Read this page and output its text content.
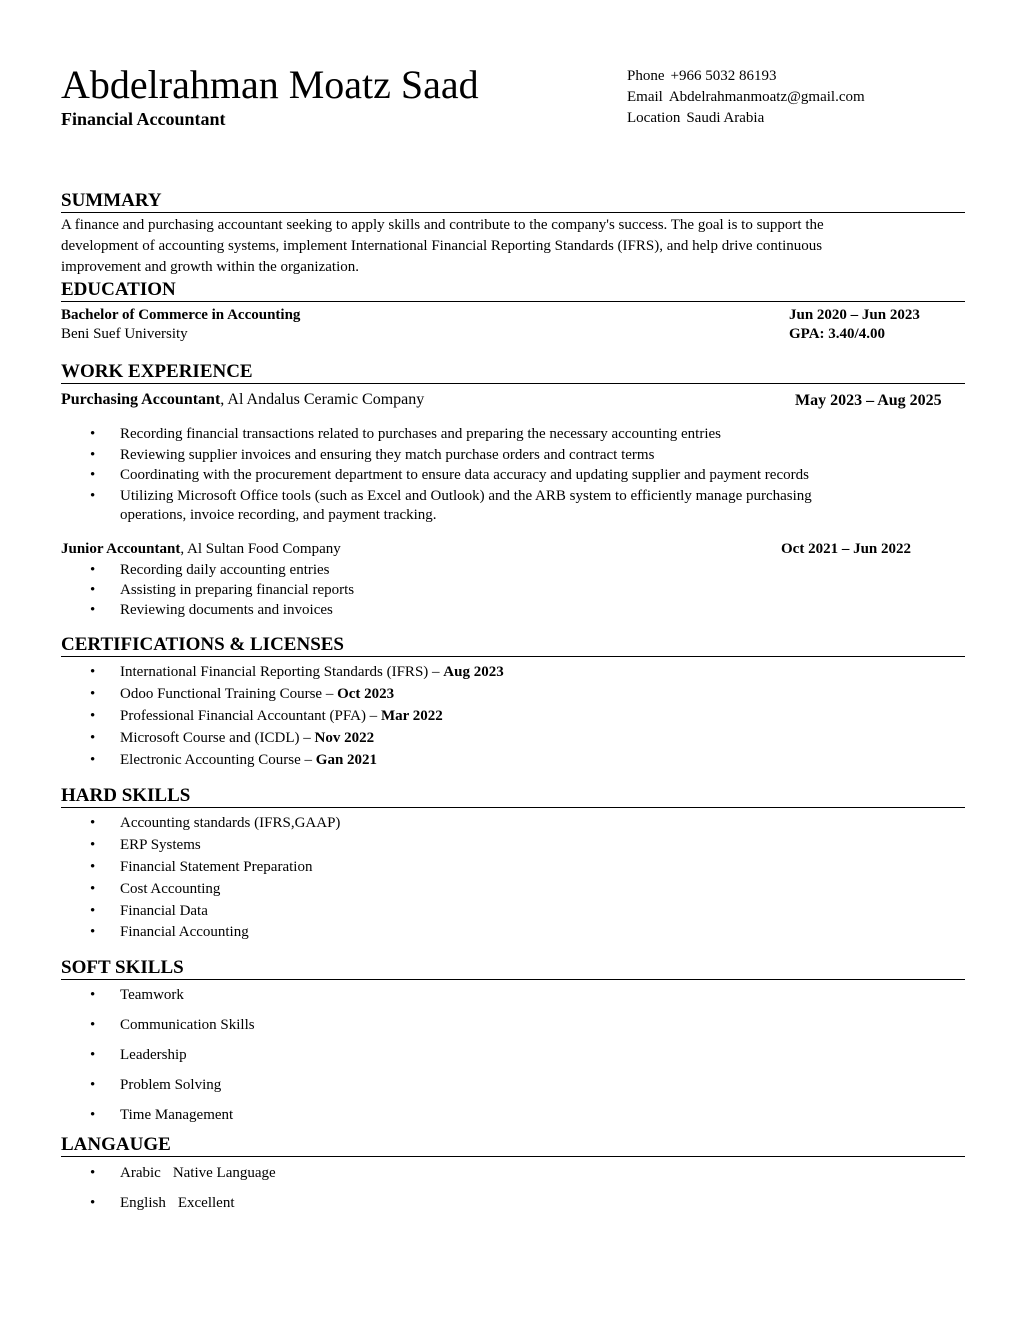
Abdelrahman Moatz Saad
Financial Accountant
Phone +966 5032 86193
Email Abdelrahmanmoatz@gmail.com
Location Saudi Arabia
SUMMARY
A finance and purchasing accountant seeking to apply skills and contribute to the company's success. The goal is to support the
development of accounting systems, implement International Financial Reporting Standards (IFRS), and help drive continuous
improvement and growth within the organization.
EDUCATION
Bachelor of Commerce in Accounting	Jun 2020 – Jun 2023
Beni Suef University	GPA: 3.40/4.00
WORK EXPERIENCE
Purchasing Accountant, Al Andalus Ceramic Company	May 2023 – Aug 2025
• Recording financial transactions related to purchases and preparing the necessary accounting entries
• Reviewing supplier invoices and ensuring they match purchase orders and contract terms
• Coordinating with the procurement department to ensure data accuracy and updating supplier and payment records
• Utilizing Microsoft Office tools (such as Excel and Outlook) and the ARB system to efficiently manage purchasing
operations, invoice recording, and payment tracking.
Junior Accountant, Al Sultan Food Company	Oct 2021 – Jun 2022
• Recording daily accounting entries
• Assisting in preparing financial reports
• Reviewing documents and invoices
CERTIFICATIONS & LICENSES
• International Financial Reporting Standards (IFRS) – Aug 2023
• Odoo Functional Training Course – Oct 2023
• Professional Financial Accountant (PFA) – Mar 2022
• Microsoft Course and (ICDL) – Nov 2022
• Electronic Accounting Course – Gan 2021
HARD SKILLS
• Accounting standards (IFRS,GAAP)
• ERP Systems
• Financial Statement Preparation
• Cost Accounting
• Financial Data
• Financial Accounting
SOFT SKILLS
• Teamwork
• Communication Skills
• Leadership
• Problem Solving
• Time Management
LANGAUGE
• Arabic Native Language
• English Excellent
